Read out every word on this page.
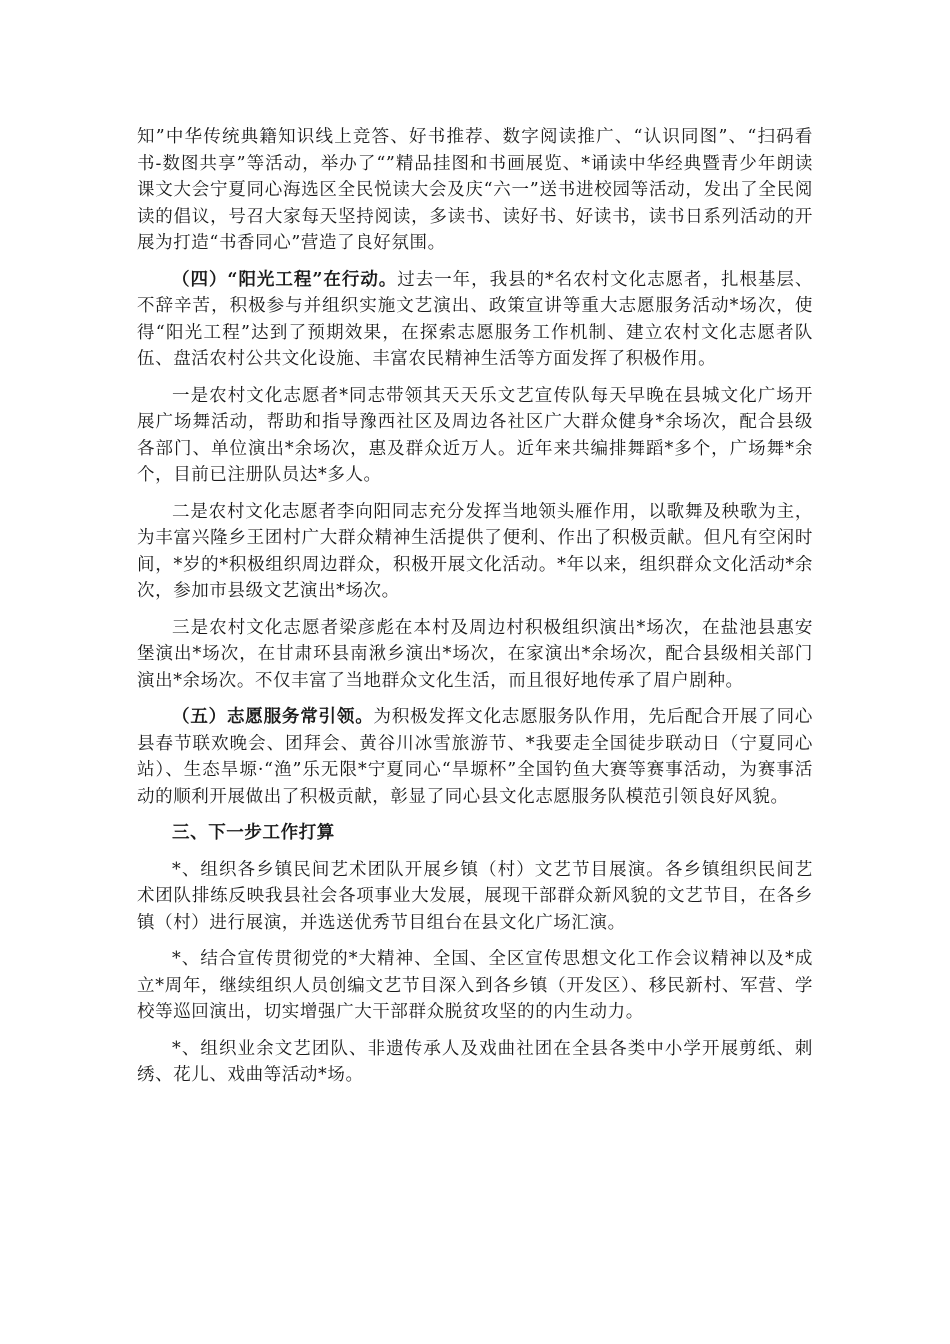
知”中华传统典籍知识线上竞答、好书推荐、数字阅读推广、“认识同图”、“扫码看书-数图共享”等活动，举办了“”精品挂图和书画展览、*诵读中华经典暨青少年朗读课文大会宁夏同心海选区全民悦读大会及庆“六一”送书进校园等活动，发出了全民阅读的倡议，号召大家每天坚持阅读，多读书、读好书、好读书，读书日系列活动的开展为打造“书香同心”营造了良好氛围。

（四）“阳光工程”在行动。过去一年，我县的*名农村文化志愿者，扎根基层、不辞辛苦，积极参与并组织实施文艺演出、政策宣讲等重大志愿服务活动*场次，使得“阳光工程”达到了预期效果，在探索志愿服务工作机制、建立农村文化志愿者队伍、盘活农村公共文化设施、丰富农民精神生活等方面发挥了积极作用。

一是农村文化志愿者*同志带领其天天乐文艺宣传队每天早晚在县城文化广场开展广场舞活动，帮助和指导豫西社区及周边各社区广大群众健身*余场次，配合县级各部门、单位演出*余场次，惠及群众近万人。近年来共编排舞蹈*多个，广场舞*余个，目前已注册队员达*多人。

二是农村文化志愿者李向阳同志充分发挥当地领头雁作用，以歌舞及秧歌为主，为丰富兴隆乡王团村广大群众精神生活提供了便利、作出了积极贡献。但凡有空闲时间，*岁的*积极组织周边群众，积极开展文化活动。*年以来，组织群众文化活动*余次，参加市县级文艺演出*场次。

三是农村文化志愿者梁彦彪在本村及周边村积极组织演出*场次，在盐池县惠安堡演出*场次，在甘肃环县南湫乡演出*场次，在家演出*余场次，配合县级相关部门演出*余场次。不仅丰富了当地群众文化生活，而且很好地传承了眉户剧种。

（五）志愿服务常引领。为积极发挥文化志愿服务队作用，先后配合开展了同心县春节联欢晚会、团拜会、黄谷川冰雪旅游节、*我要走全国徒步联动日（宁夏同心站）、生态旱塬·“渔”乐无限*宁夏同心“旱塬杯”全国钓鱼大赛等赛事活动，为赛事活动的顺利开展做出了积极贡献，彰显了同心县文化志愿服务队模范引领良好风貌。

三、下一步工作打算

*、组织各乡镇民间艺术团队开展乡镇（村）文艺节目展演。各乡镇组织民间艺术团队排练反映我县社会各项事业大发展，展现干部群众新风貌的文艺节目，在各乡镇（村）进行展演，并选送优秀节目组台在县文化广场汇演。

*、结合宣传贯彻党的*大精神、全国、全区宣传思想文化工作会议精神以及*成立*周年，继续组织人员创编文艺节目深入到各乡镇（开发区）、移民新村、军营、学校等巡回演出，切实增强广大干部群众脱贫攻坚的的内生动力。

*、组织业余文艺团队、非遗传承人及戏曲社团在全县各类中小学开展剪纸、刺绣、花儿、戏曲等活动*场。
